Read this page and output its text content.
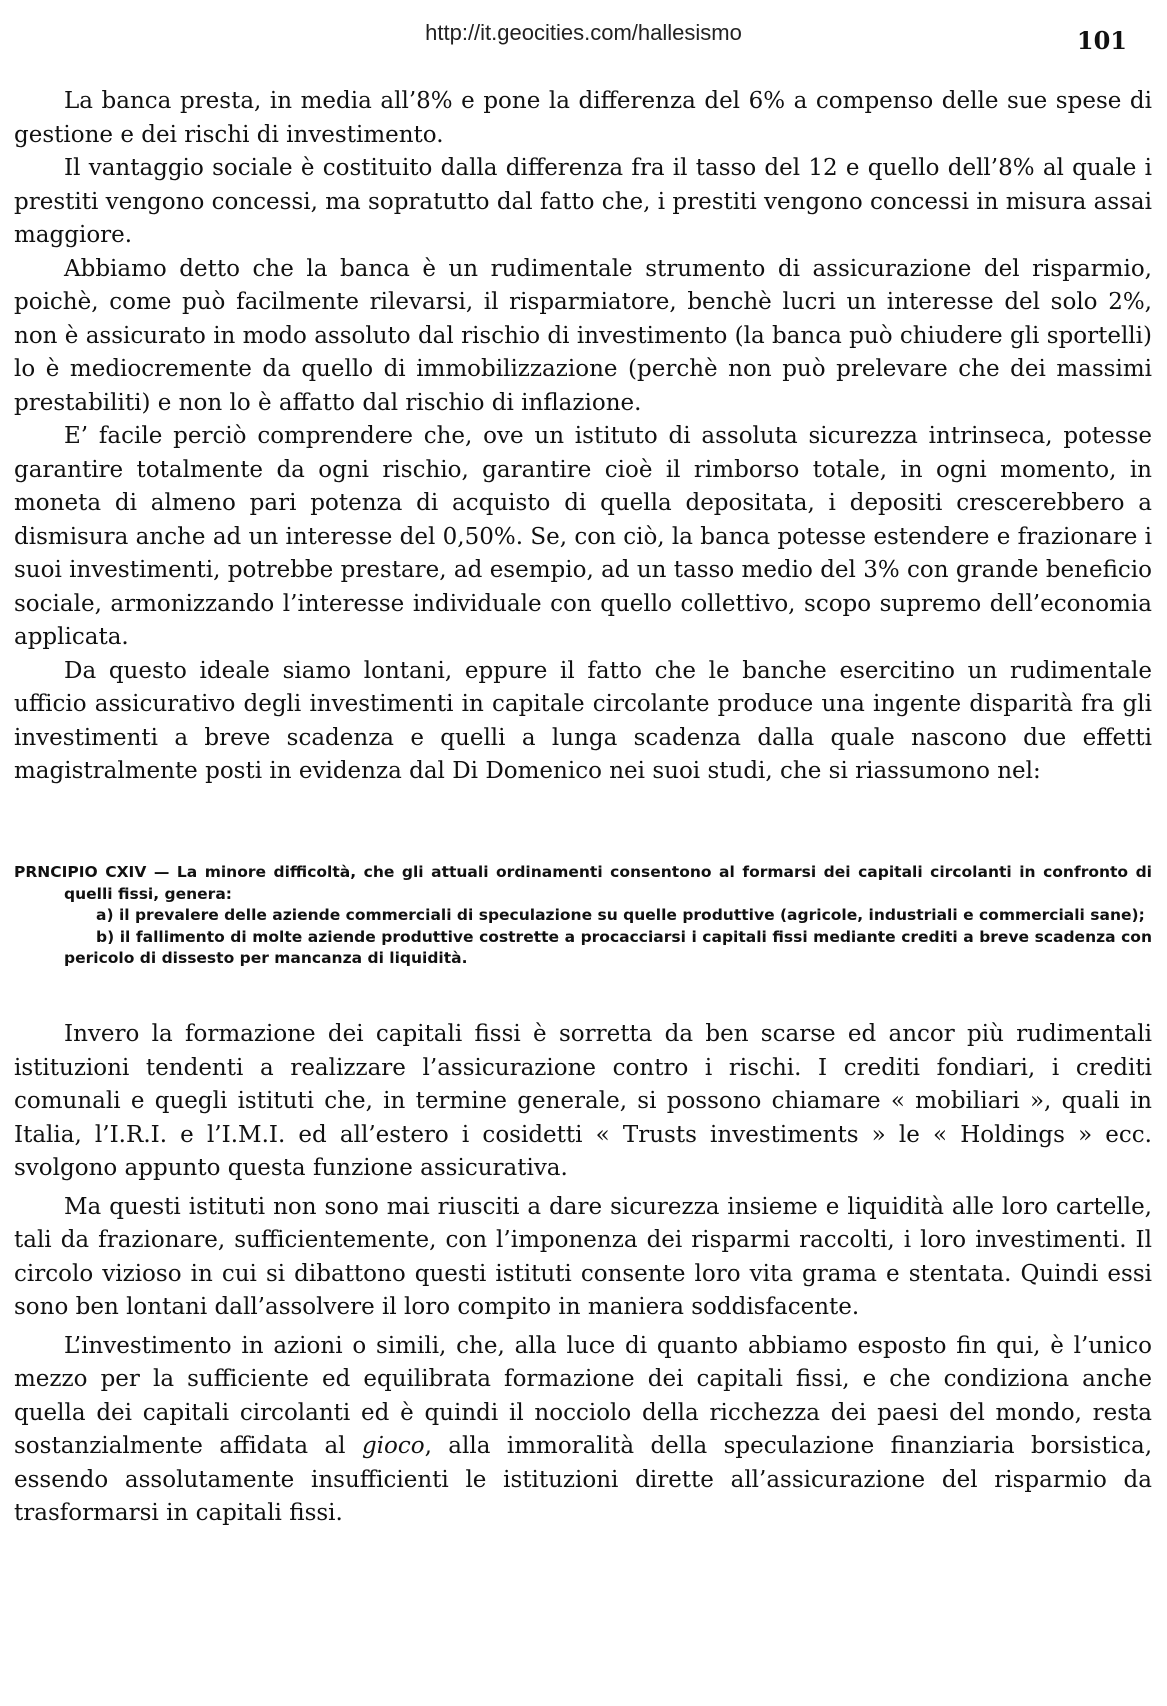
http://it.geocities.com/hallesismo	101

La banca presta, in media all’8% e pone la differenza del 6% a compenso delle sue spese di gestione e dei rischi di investimento.

Il vantaggio sociale è costituito dalla differenza fra il tasso del 12 e quello dell’8% al quale i prestiti vengono concessi, ma sopratutto dal fatto che, i prestiti vengono concessi in misura assai maggiore.

Abbiamo detto che la banca è un rudimentale strumento di assicurazione del risparmio, poichè, come può facilmente rilevarsi, il risparmiatore, benchè lucri un interesse del solo 2%, non è assicurato in modo assoluto dal rischio di investimento (la banca può chiudere gli sportelli) lo è mediocremente da quello di immobilizzazione (perchè non può prelevare che dei massimi prestabiliti) e non lo è affatto dal rischio di inflazione.

E’ facile perciò comprendere che, ove un istituto di assoluta sicurezza intrinseca, potesse garantire totalmente da ogni rischio, garantire cioè il rimborso totale, in ogni momento, in moneta di almeno pari potenza di acquisto di quella depositata, i depositi crescerebbero a dismisura anche ad un interesse del 0,50%. Se, con ciò, la banca potesse estendere e frazionare i suoi investimenti, potrebbe prestare, ad esempio, ad un tasso medio del 3% con grande beneficio sociale, armonizzando l’interesse individuale con quello collettivo, scopo supremo dell’economia applicata.

Da questo ideale siamo lontani, eppure il fatto che le banche esercitino un rudimentale ufficio assicurativo degli investimenti in capitale circolante produce una ingente disparità fra gli investimenti a breve scadenza e quelli a lunga scadenza dalla quale nascono due effetti magistralmente posti in evidenza dal Di Domenico nei suoi studi, che si riassumono nel:

PRNCIPIO CXIV — La minore difficoltà, che gli attuali ordinamenti consentono al formarsi dei capitali circolanti in confronto di quelli fissi, genera:

a) il prevalere delle aziende commerciali di speculazione su quelle produttive (agricole, industriali e commerciali sane);

b) il fallimento di molte aziende produttive costrette a procacciarsi i capitali fissi mediante crediti a breve scadenza con pericolo di dissesto per mancanza di liquidità.

Invero la formazione dei capitali fissi è sorretta da ben scarse ed ancor più rudimentali istituzioni tendenti a realizzare l’assicurazione contro i rischi. I crediti fondiari, i crediti comunali e quegli istituti che, in termine generale, si possono chiamare « mobiliari », quali in Italia, l’I.R.I. e l’I.M.I. ed all’estero i cosidetti « Trusts investiments » le « Holdings » ecc. svolgono appunto questa funzione assicurativa.

Ma questi istituti non sono mai riusciti a dare sicurezza insieme e liquidità alle loro cartelle, tali da frazionare, sufficientemente, con l’imponenza dei risparmi raccolti, i loro investimenti. Il circolo vizioso in cui si dibattono questi istituti consente loro vita grama e stentata. Quindi essi sono ben lontani dall’assolvere il loro compito in maniera soddisfacente.

L’investimento in azioni o simili, che, alla luce di quanto abbiamo esposto fin qui, è l’unico mezzo per la sufficiente ed equilibrata formazione dei capitali fissi, e che condiziona anche quella dei capitali circolanti ed è quindi il nocciolo della ricchezza dei paesi del mondo, resta sostanzialmente affidata al gioco, alla immoralità della speculazione finanziaria borsistica, essendo assolutamente insufficienti le istituzioni dirette all’assicurazione del risparmio da trasformarsi in capitali fissi.
